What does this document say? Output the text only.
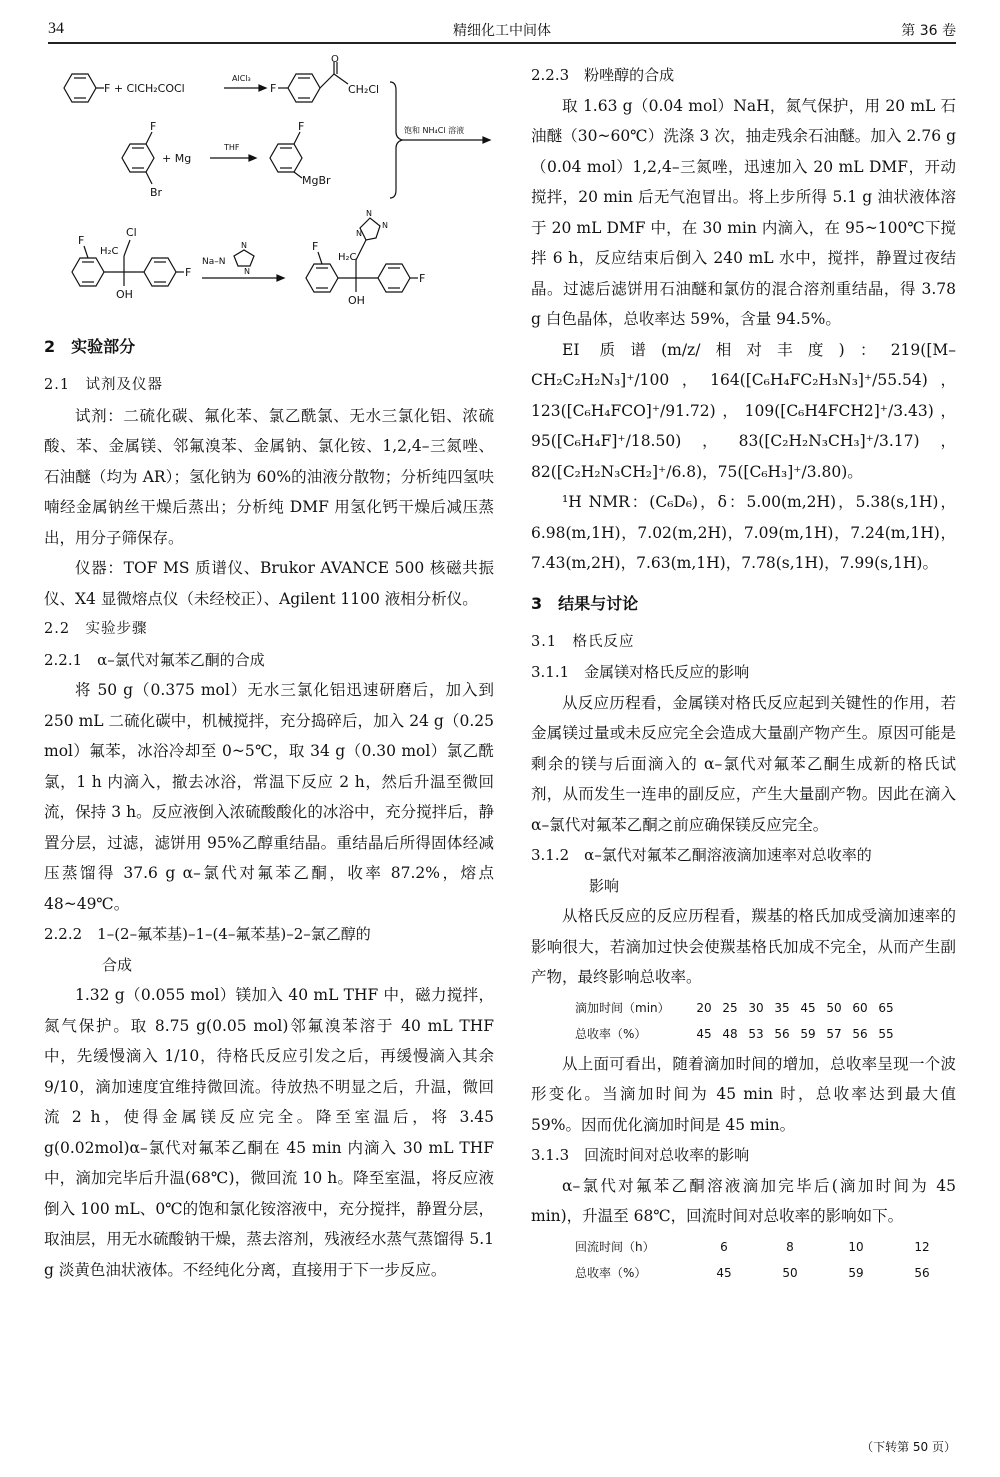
34	精细化工中间体	第 36 卷
F + ClCH₂COCl
AlCl₃
F
O
CH₂Cl
饱和 NH₄Cl 溶液
F
Br
+ Mg
THF
F
MgBr
F
OH
H₂C
Cl
F
Na–N
N
N
F
OH
H₂C
N
N
N
F
2　实验部分
2.1　试剂及仪器

试剂：二硫化碳、氟化苯、氯乙酰氯、无水三氯化铝、浓硫酸、苯、金属镁、邻氟溴苯、金属钠、氯化铵、1,2,4–三氮唑、石油醚（均为 AR）；氢化钠为 60%的油液分散物；分析纯四氢呋喃经金属钠丝干燥后蒸出；分析纯 DMF 用氢化钙干燥后减压蒸出，用分子筛保存。

仪器：TOF MS 质谱仪、Brukor AVANCE 500 核磁共振仪、X4 显微熔点仪（未经校正）、Agilent 1100 液相分析仪。

2.2　实验步骤
2.2.1　α–氯代对氟苯乙酮的合成

将 50 g（0.375 mol）无水三氯化铝迅速研磨后，加入到 250 mL 二硫化碳中，机械搅拌，充分捣碎后，加入 24 g（0.25 mol）氟苯，冰浴冷却至 0~5℃，取 34 g（0.30 mol）氯乙酰氯，1 h 内滴入，撤去冰浴，常温下反应 2 h，然后升温至微回流，保持 3 h。反应液倒入浓硫酸酸化的冰浴中，充分搅拌后，静置分层，过滤，滤饼用 95%乙醇重结晶。重结晶后所得固体经减压蒸馏得 37.6 g α–氯代对氟苯乙酮，收率 87.2%，熔点 48~49℃。

2.2.2　1–(2–氟苯基)–1–(4–氟苯基)–2–氯乙醇的
合成

1.32 g（0.055 mol）镁加入 40 mL THF 中，磁力搅拌，氮气保护。取 8.75 g(0.05 mol)邻氟溴苯溶于 40 mL THF 中，先缓慢滴入 1/10，待格氏反应引发之后，再缓慢滴入其余 9/10，滴加速度宜维持微回流。待放热不明显之后，升温，微回流 2 h，使得金属镁反应完全。降至室温后，将 3.45 g(0.02mol)α–氯代对氟苯乙酮在 45 min 内滴入 30 mL THF 中，滴加完毕后升温(68℃)，微回流 10 h。降至室温，将反应液倒入 100 mL、0℃的饱和氯化铵溶液中，充分搅拌，静置分层，取油层，用无水硫酸钠干燥，蒸去溶剂，残液经水蒸气蒸馏得 5.1 g 淡黄色油状液体。不经纯化分离，直接用于下一步反应。

2.2.3　粉唑醇的合成

取 1.63 g（0.04 mol）NaH，氮气保护，用 20 mL 石油醚（30~60℃）洗涤 3 次，抽走残余石油醚。加入 2.76 g（0.04 mol）1,2,4–三氮唑，迅速加入 20 mL DMF，开动搅拌，20 min 后无气泡冒出。将上步所得 5.1 g 油状液体溶于 20 mL DMF 中，在 30 min 内滴入，在 95~100℃下搅拌 6 h，反应结束后倒入 240 mL 水中，搅拌，静置过夜结晶。过滤后滤饼用石油醚和氯仿的混合溶剂重结晶，得 3.78 g 白色晶体，总收率达 59%，含量 94.5%。

EI 质谱(m/z/相对丰度)：219([M–CH₂C₂H₂N₃]⁺/100，164([C₆H₄FC₂H₃N₃]⁺/55.54)，123([C₆H₄FCO]⁺/91.72)，109([C₆H4FCH2]⁺/3.43)，95([C₆H₄F]⁺/18.50)，83([C₂H₂N₃CH₃]⁺/3.17)，82([C₂H₂N₃CH₂]⁺/6.8)，75([C₆H₃]⁺/3.80)。

¹H NMR：(C₆D₆)，δ：5.00(m,2H)，5.38(s,1H)，6.98(m,1H)，7.02(m,2H)，7.09(m,1H)，7.24(m,1H)，7.43(m,2H)，7.63(m,1H)，7.78(s,1H)，7.99(s,1H)。

3　结果与讨论
3.1　格氏反应
3.1.1　金属镁对格氏反应的影响

从反应历程看，金属镁对格氏反应起到关键性的作用，若金属镁过量或未反应完全会造成大量副产物产生。原因可能是剩余的镁与后面滴入的 α–氯代对氟苯乙酮生成新的格氏试剂，从而发生一连串的副反应，产生大量副产物。因此在滴入 α–氯代对氟苯乙酮之前应确保镁反应完全。

3.1.2　α–氯代对氟苯乙酮溶液滴加速率对总收率的
影响

从格氏反应的反应历程看，羰基的格氏加成受滴加速率的影响很大，若滴加过快会使羰基格氏加成不完全，从而产生副产物，最终影响总收率。

滴加时间（min）	20 25 30 35 45 50 60 65
总收率（%）	45 48 53 56 59 57 56 55

从上面可看出，随着滴加时间的增加，总收率呈现一个波形变化。当滴加时间为 45 min 时，总收率达到最大值 59%。因而优化滴加时间是 45 min。

3.1.3　回流时间对总收率的影响

α–氯代对氟苯乙酮溶液滴加完毕后(滴加时间为 45 min)，升温至 68℃，回流时间对总收率的影响如下。

回流时间（h）	6	8	10	12
总收率（%）	45	50	59	56
（下转第 50 页）
